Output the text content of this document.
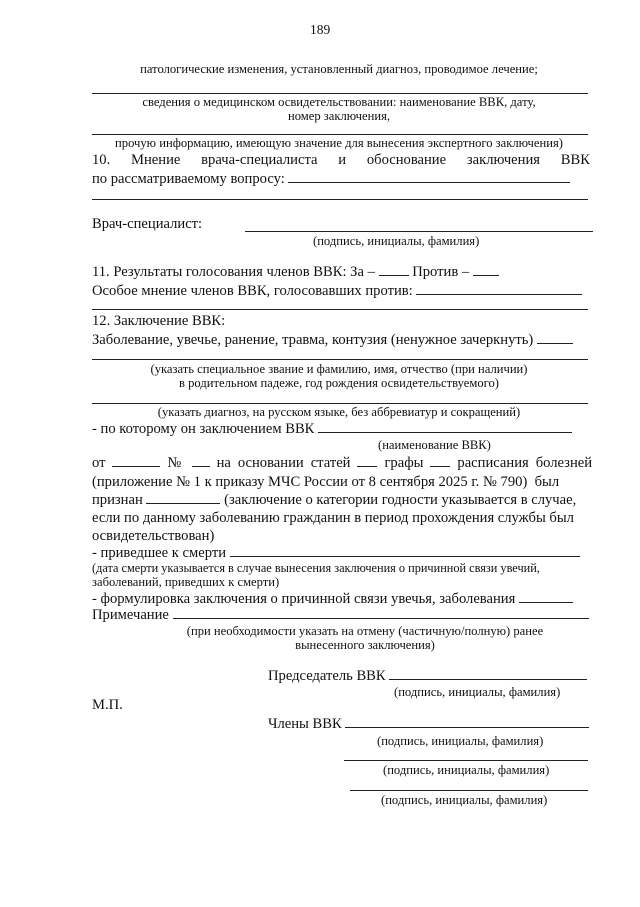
189
патологические изменения, установленный диагноз, проводимое лечение;
сведения о медицинском освидетельствовании: наименование ВВК, дату,
номер заключения,
прочую информацию, имеющую значение для вынесения экспертного заключения)
10. Мнение врача-специалиста и обоснование заключения ВВК
по рассматриваемому вопросу:
Врач-специалист:
(подпись, инициалы, фамилия)
11. Результаты голосования членов ВВК: За –	Против –
Особое мнение членов ВВК, голосовавших против:
12. Заключение ВВК:
Заболевание, увечье, ранение, травма, контузия (ненужное зачеркнуть)
(указать специальное звание и фамилию, имя, отчество (при наличии)
в родительном падеже, год рождения освидетельствуемого)
(указать диагноз, на русском языке, без аббревиатур и сокращений)
- по которому он заключением ВВК
(наименование ВВК)
от	№ на основании статей графы расписания болезней
(приложение № 1 к приказу МЧС России от 8 сентября 2025 г. № 790)  был
признан	(заключение о категории годности указывается в случае,
если по данному заболеванию гражданин в период прохождения службы был
освидетельствован)
- приведшее к смерти
(дата смерти указывается в случае вынесения заключения о причинной связи увечий,
заболеваний, приведших к смерти)
- формулировка заключения о причинной связи увечья, заболевания
Примечание
(при необходимости указать на отмену (частичную/полную) ранее
вынесенного заключения)
Председатель ВВК
(подпись, инициалы, фамилия)
М.П.
Члены ВВК
(подпись, инициалы, фамилия)
(подпись, инициалы, фамилия)
(подпись, инициалы, фамилия)
